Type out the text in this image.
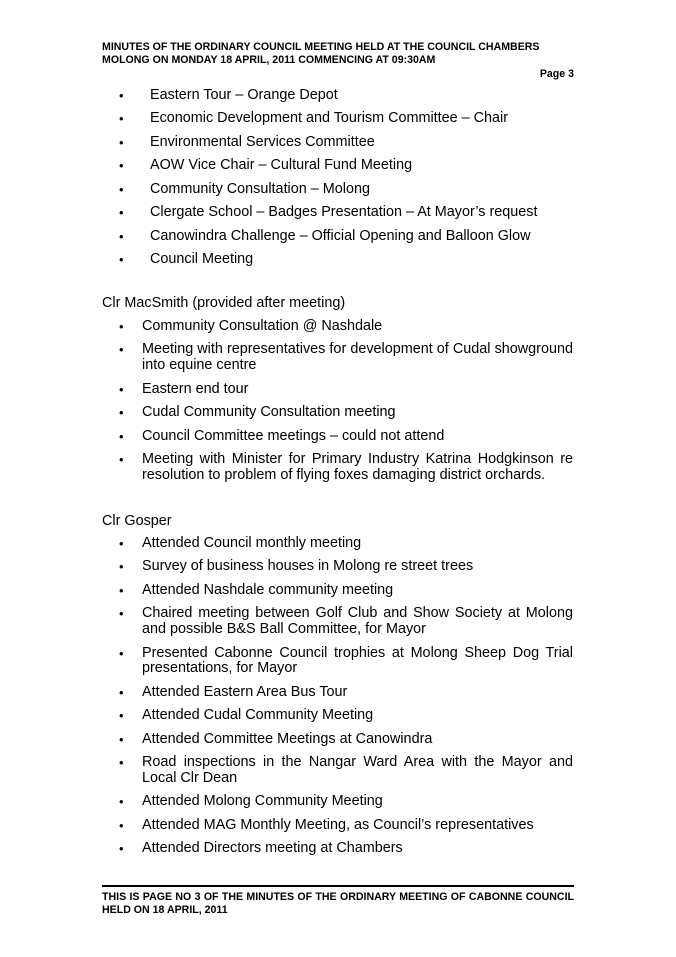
MINUTES OF THE ORDINARY COUNCIL MEETING HELD AT THE COUNCIL CHAMBERS MOLONG ON MONDAY 18 APRIL, 2011 COMMENCING AT 09:30AM
Page 3
•	Eastern Tour – Orange Depot
•	Economic Development and Tourism Committee – Chair
•	Environmental Services Committee
•	AOW Vice Chair – Cultural Fund Meeting
•	Community Consultation – Molong
•	Clergate School – Badges Presentation – At Mayor’s request
•	Canowindra Challenge – Official Opening and Balloon Glow
•	Council Meeting
Clr MacSmith (provided after meeting)
•	Community Consultation @ Nashdale
•	Meeting with representatives for development of Cudal showground into equine centre
•	Eastern end tour
•	Cudal Community Consultation meeting
•	Council Committee meetings – could not attend
•	Meeting with Minister for Primary Industry Katrina Hodgkinson re resolution to problem of flying foxes damaging district orchards.
Clr Gosper
•	Attended Council monthly meeting
•	Survey of business houses in Molong re street trees
•	Attended Nashdale community meeting
•	Chaired meeting between Golf Club and Show Society at Molong and possible B&S Ball Committee, for Mayor
•	Presented Cabonne Council trophies at Molong Sheep Dog Trial presentations, for Mayor
•	Attended Eastern Area Bus Tour
•	Attended Cudal Community Meeting
•	Attended Committee Meetings at Canowindra
•	Road inspections in the Nangar Ward Area with the Mayor and Local Clr Dean
•	Attended Molong Community Meeting
•	Attended MAG Monthly Meeting, as Council’s representatives
•	Attended Directors meeting at Chambers
THIS IS PAGE NO 3 OF THE MINUTES OF THE ORDINARY MEETING OF CABONNE COUNCIL HELD ON 18 APRIL, 2011
